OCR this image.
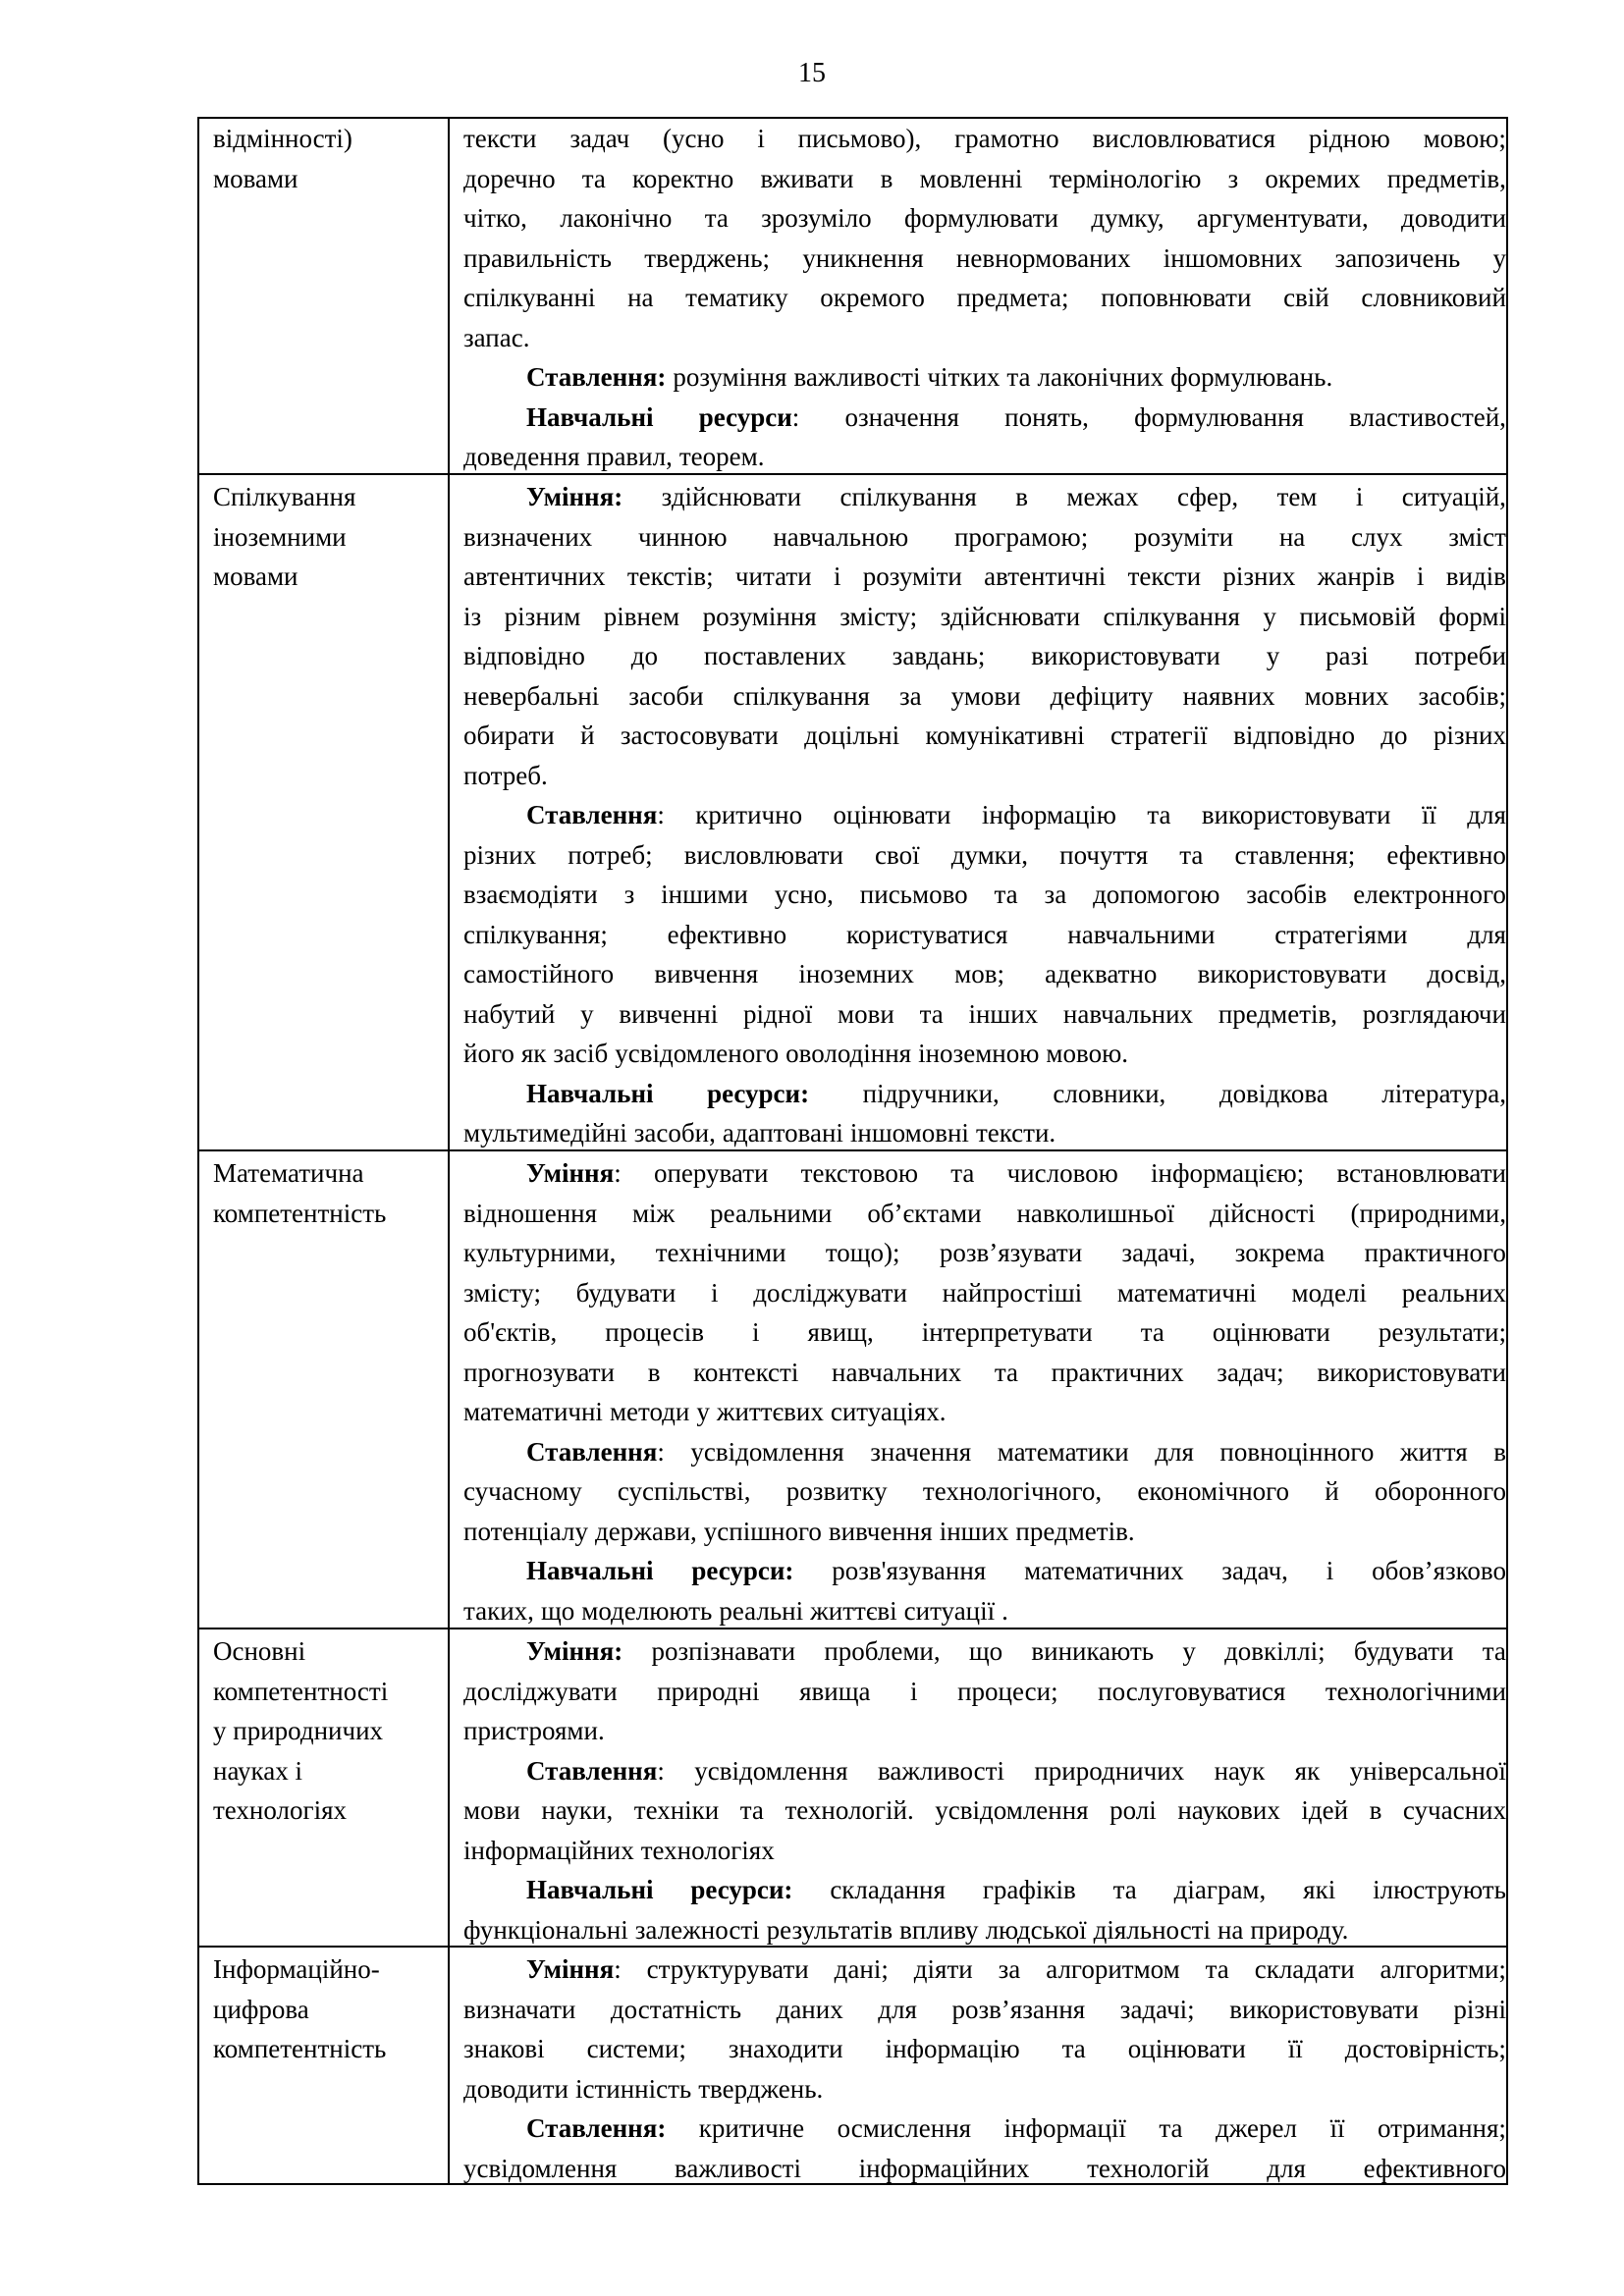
15
відмінності)
мовами
тексти задач (усно і письмово), грамотно висловлюватися рідною мовою;
доречно та коректно вживати в мовленні термінологію з окремих предметів,
чітко, лаконічно та зрозуміло формулювати думку, аргументувати, доводити
правильність тверджень; уникнення невнормованих іншомовних запозичень у
спілкуванні на тематику окремого предмета; поповнювати свій словниковий
запас.
Ставлення: розуміння важливості чітких та лаконічних формулювань.
Навчальні ресурси: означення понять, формулювання властивостей,
доведення правил, теорем.
Спілкування
іноземними
мовами
Уміння: здійснювати спілкування в межах сфер, тем і ситуацій,
визначених чинною навчальною програмою; розуміти на слух зміст
автентичних текстів; читати і розуміти автентичні тексти різних жанрів і видів
із різним рівнем розуміння змісту; здійснювати спілкування у письмовій формі
відповідно до поставлених завдань; використовувати у разі потреби
невербальні засоби спілкування за умови дефіциту наявних мовних засобів;
обирати й застосовувати доцільні комунікативні стратегії відповідно до різних
потреб.
Ставлення: критично оцінювати інформацію та використовувати її для
різних потреб; висловлювати свої думки, почуття та ставлення; ефективно
взаємодіяти з іншими усно, письмово та за допомогою засобів електронного
спілкування; ефективно користуватися навчальними стратегіями для
самостійного вивчення іноземних мов; адекватно використовувати досвід,
набутий у вивченні рідної мови та інших навчальних предметів, розглядаючи
його як засіб усвідомленого оволодіння іноземною мовою.
Навчальні ресурси: підручники, словники, довідкова література,
мультимедійні засоби, адаптовані іншомовні тексти.
Математична
компетентність
Уміння: оперувати текстовою та числовою інформацією; встановлювати
відношення між реальними об’єктами навколишньої дійсності (природними,
культурними, технічними тощо); розв’язувати задачі, зокрема практичного
змісту; будувати і досліджувати найпростіші математичні моделі реальних
об'єктів, процесів і явищ, інтерпретувати та оцінювати результати;
прогнозувати в контексті навчальних та практичних задач; використовувати
математичні методи у життєвих ситуаціях.
Ставлення: усвідомлення значення математики для повноцінного життя в
сучасному суспільстві, розвитку технологічного, економічного й оборонного
потенціалу держави, успішного вивчення інших предметів.
Навчальні ресурси: розв'язування математичних задач, і обов’язково
таких, що моделюють реальні життєві ситуації .
Основні
компетентності
у природничих
науках і
технологіях
Уміння: розпізнавати проблеми, що виникають у довкіллі; будувати та
досліджувати природні явища і процеси; послуговуватися технологічними
пристроями.
Ставлення: усвідомлення важливості природничих наук як універсальної
мови науки, техніки та технологій. усвідомлення ролі наукових ідей в сучасних
інформаційних технологіях
Навчальні ресурси: складання графіків та діаграм, які ілюструють
функціональні залежності результатів впливу людської діяльності на природу.
Інформаційно-
цифрова
компетентність
Уміння: структурувати дані; діяти за алгоритмом та складати алгоритми;
визначати достатність даних для розв’язання задачі; використовувати різні
знакові системи; знаходити інформацію та оцінювати її достовірність;
доводити істинність тверджень.
Ставлення: критичне осмислення інформації та джерел її отримання;
усвідомлення важливості інформаційних технологій для ефективного
